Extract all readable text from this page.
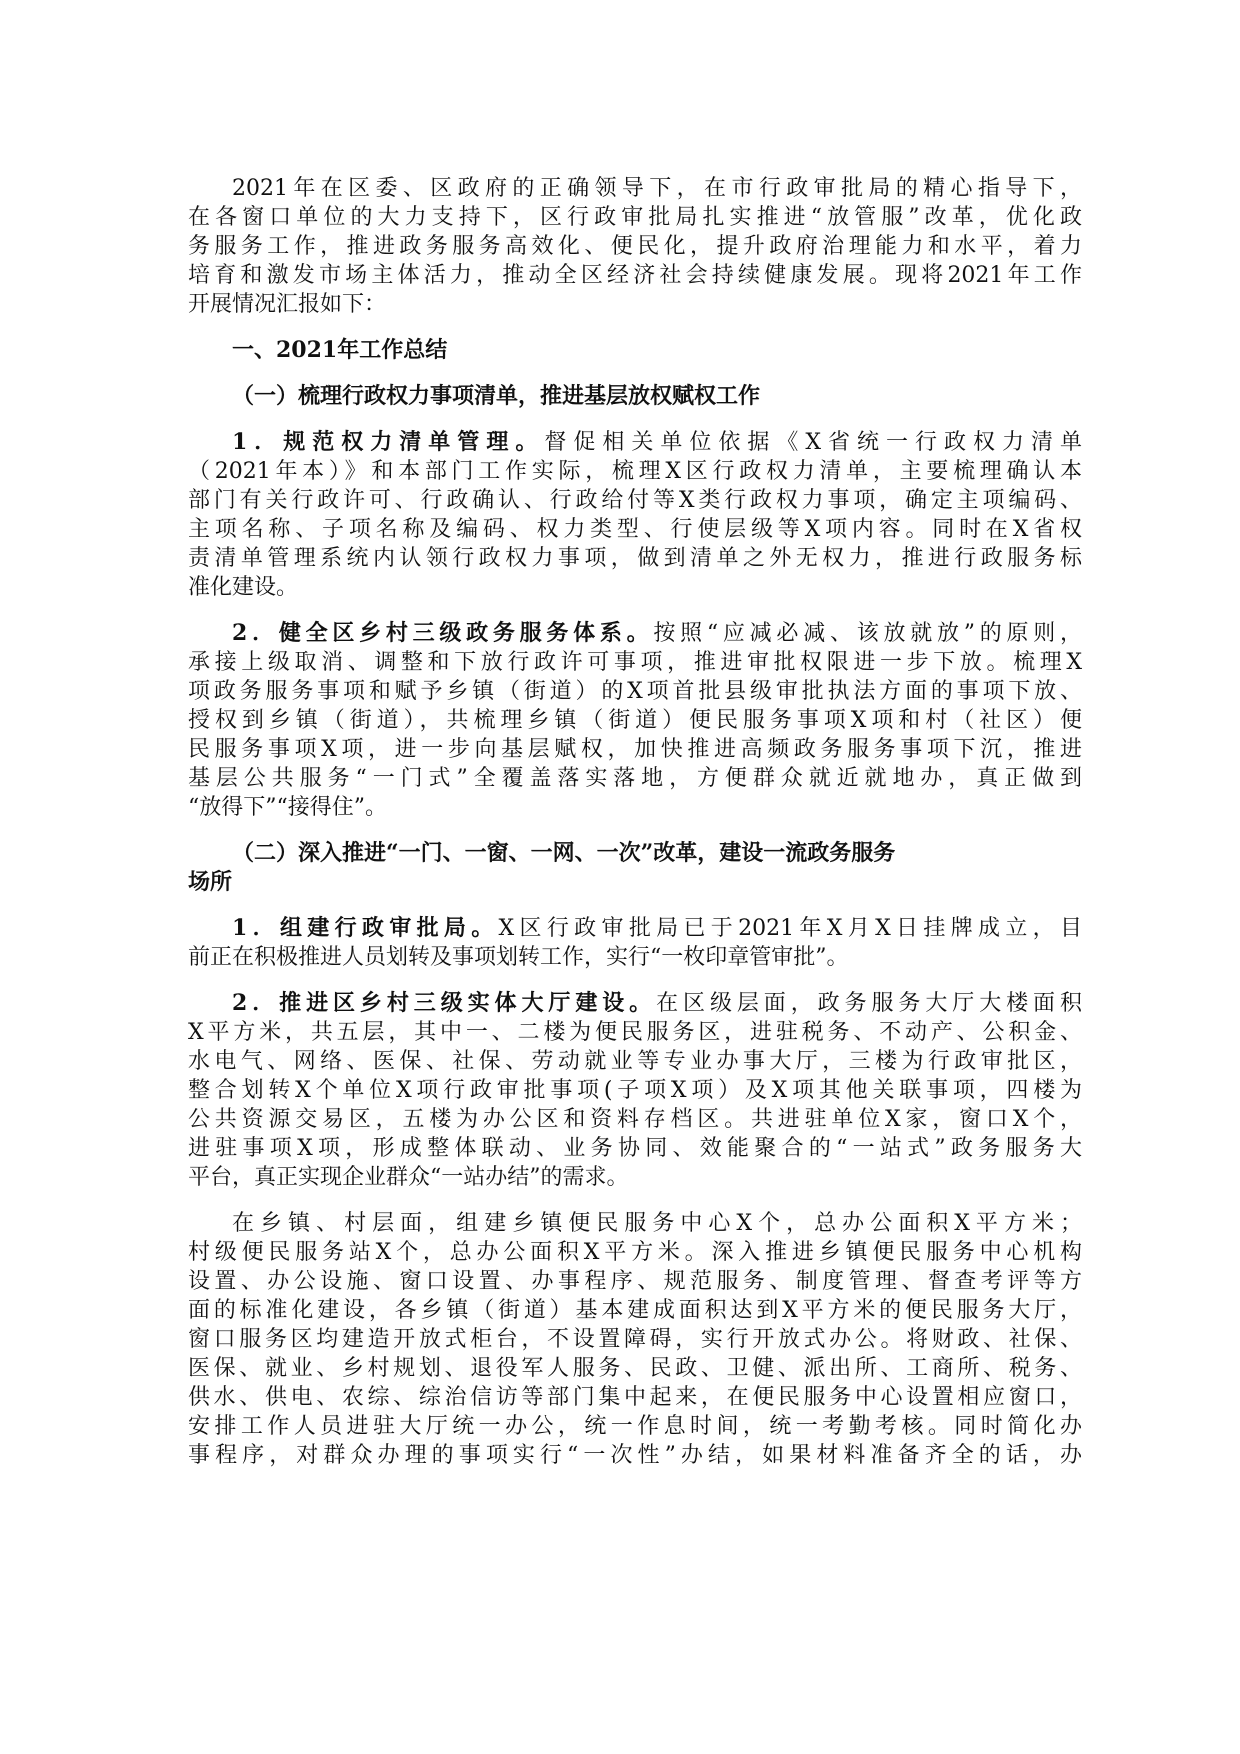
2021年在区委、区政府的正确领导下，在市行政审批局的精心指导下，
在各窗口单位的大力支持下，区行政审批局扎实推进“放管服”改革，优化政
务服务工作，推进政务服务高效化、便民化，提升政府治理能力和水平，着力
培育和激发市场主体活力，推动全区经济社会持续健康发展。现将2021年工作
开展情况汇报如下：
一、2021年工作总结
（一）梳理行政权力事项清单，推进基层放权赋权工作
1．规范权力清单管理。督促相关单位依据《X省统一行政权力清单
（2021年本）》和本部门工作实际，梳理X区行政权力清单，主要梳理确认本
部门有关行政许可、行政确认、行政给付等X类行政权力事项，确定主项编码、
主项名称、子项名称及编码、权力类型、行使层级等X项内容。同时在X省权
责清单管理系统内认领行政权力事项，做到清单之外无权力，推进行政服务标
准化建设。
2．健全区乡村三级政务服务体系。按照“应减必减、该放就放”的原则，
承接上级取消、调整和下放行政许可事项，推进审批权限进一步下放。梳理X
项政务服务事项和赋予乡镇（街道）的X项首批县级审批执法方面的事项下放、
授权到乡镇（街道），共梳理乡镇（街道）便民服务事项X项和村（社区）便
民服务事项X项，进一步向基层赋权，加快推进高频政务服务事项下沉，推进
基层公共服务“一门式”全覆盖落实落地，方便群众就近就地办，真正做到
“放得下”“接得住”。
（二）深入推进“一门、一窗、一网、一次”改革，建设一流政务服务
场所
1．组建行政审批局。X区行政审批局已于2021年X月X日挂牌成立，目
前正在积极推进人员划转及事项划转工作，实行“一枚印章管审批”。
2．推进区乡村三级实体大厅建设。在区级层面，政务服务大厅大楼面积
X平方米，共五层，其中一、二楼为便民服务区，进驻税务、不动产、公积金、
水电气、网络、医保、社保、劳动就业等专业办事大厅，三楼为行政审批区，
整合划转X个单位X项行政审批事项(子项X项）及X项其他关联事项，四楼为
公共资源交易区，五楼为办公区和资料存档区。共进驻单位X家，窗口X个，
进驻事项X项，形成整体联动、业务协同、效能聚合的“一站式”政务服务大
平台，真正实现企业群众“一站办结”的需求。
在乡镇、村层面，组建乡镇便民服务中心X个，总办公面积X平方米；
村级便民服务站X个，总办公面积X平方米。深入推进乡镇便民服务中心机构
设置、办公设施、窗口设置、办事程序、规范服务、制度管理、督查考评等方
面的标准化建设，各乡镇（街道）基本建成面积达到X平方米的便民服务大厅，
窗口服务区均建造开放式柜台，不设置障碍，实行开放式办公。将财政、社保、
医保、就业、乡村规划、退役军人服务、民政、卫健、派出所、工商所、税务、
供水、供电、农综、综治信访等部门集中起来，在便民服务中心设置相应窗口，
安排工作人员进驻大厅统一办公，统一作息时间，统一考勤考核。同时简化办
事程序，对群众办理的事项实行“一次性”办结，如果材料准备齐全的话，办
